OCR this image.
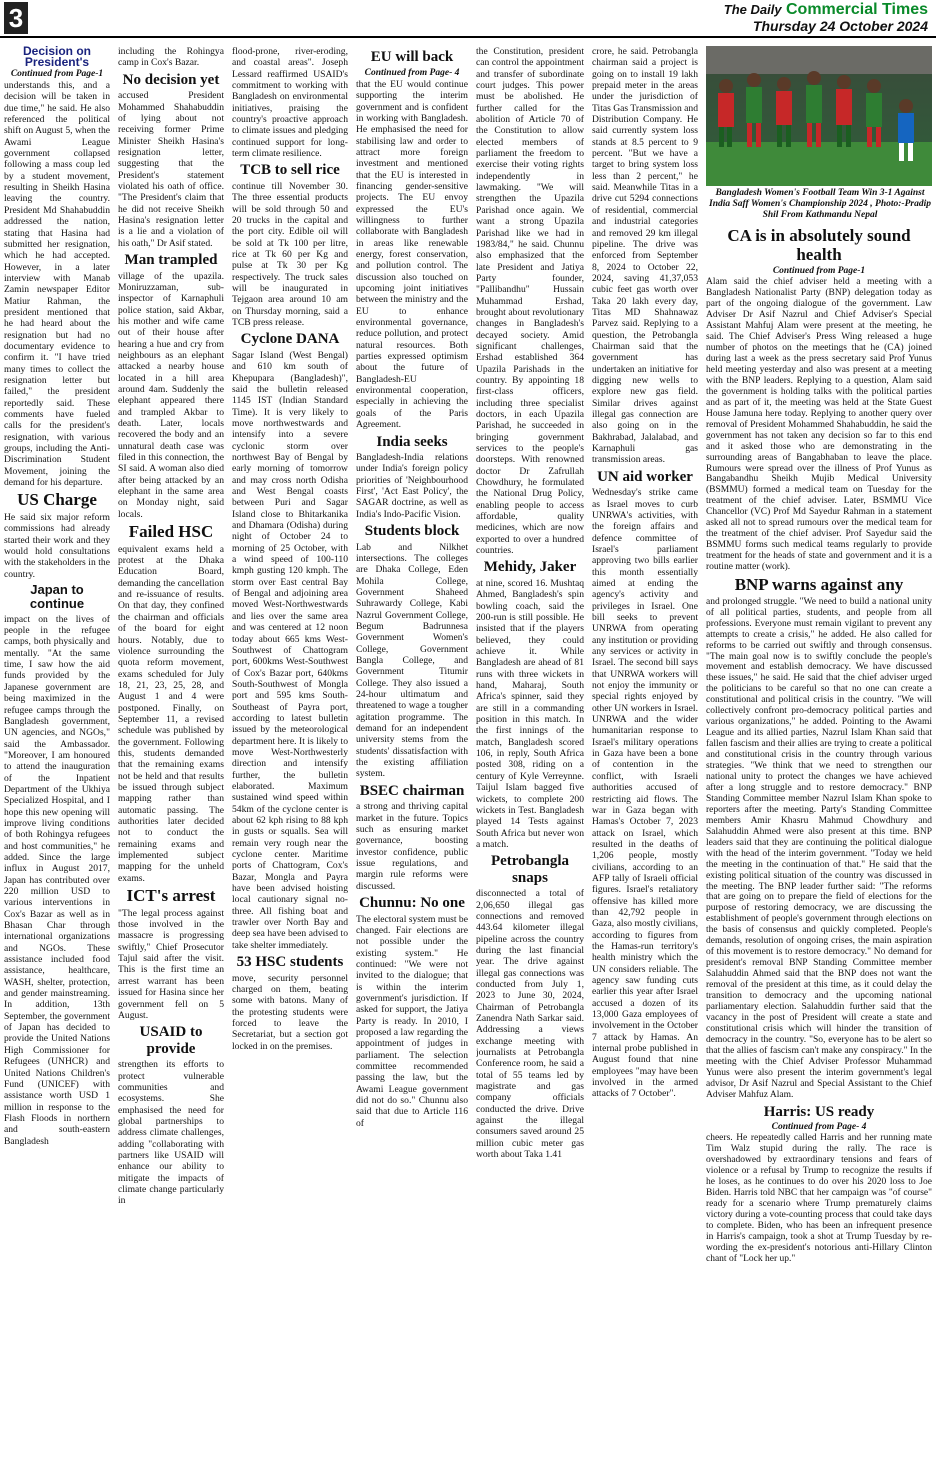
3	The Daily Commercial Times
Thursday 24 October 2024
Decision on President's
Continued from Page-1

understands this, and a decision will be taken in due time," he said. He also referenced the political shift on August 5, when the Awami League government collapsed following a mass coup led by a student movement, resulting in Sheikh Hasina leaving the country. President Md Shahabuddin addressed the nation, stating that Hasina had submitted her resignation, which he had accepted. However, in a later interview with Manab Zamin newspaper Editor Matiur Rahman, the president mentioned that he had heard about the resignation but had no documentary evidence to confirm it. "I have tried many times to collect the resignation letter but failed," the president reportedly said. These comments have fueled calls for the president's resignation, with various groups, including the Anti-Discrimination Student Movement, joining the demand for his departure.

US Charge

He said six major reform commissions had already started their work and they would hold consultations with the stakeholders in the country.

Japan to continue

impact on the lives of people in the refugee camps, both physically and mentally. "At the same time, I saw how the aid funds provided by the Japanese government are being maximized in the refugee camps through the Bangladesh government, UN agencies, and NGOs," said the Ambassador. "Moreover, I am honoured to attend the inauguration of the Inpatient Department of the Ukhiya Specialized Hospital, and I hope this new opening will improve living conditions of both Rohingya refugees and host communities," he added. Since the large influx in August 2017, Japan has contributed over 220 million USD to various interventions in Cox's Bazar as well as in Bhasan Char through international organizations and NGOs. These assistance included food assistance, healthcare, WASH, shelter, protection, and gender mainstreaming. In addition, 13th September, the government of Japan has decided to provide the United Nations High Commissioner for Refugees (UNHCR) and United Nations Children's Fund (UNICEF) with assistance worth USD 1 million in response to the Flash Floods in northern and south-eastern Bangladesh

including the Rohingya camp in Cox's Bazar.

No decision yet

accused President Mohammed Shahabuddin of lying about not receiving former Prime Minister Sheikh Hasina's resignation letter, suggesting that the President's statement violated his oath of office. "The President's claim that he did not receive Sheikh Hasina's resignation letter is a lie and a violation of his oath," Dr Asif stated.

Man trampled

village of the upazila. Moniruzzaman, sub-inspector of Karnaphuli police station, said Akbar, his mother and wife came out of their house after hearing a hue and cry from neighbours as an elephant attacked a nearby house located in a hill area around 4am. Suddenly the elephant appeared there and trampled Akbar to death. Later, locals recovered the body and an unnatural death case was filed in this connection, the SI said. A woman also died after being attacked by an elephant in the same area on Monday night, said locals.

Failed HSC

equivalent exams held a protest at the Dhaka Education Board, demanding the cancellation and re-issuance of results. On that day, they confined the chairman and officials of the board for eight hours. Notably, due to violence surrounding the quota reform movement, exams scheduled for July 18, 21, 23, 25, 28, and August 1 and 4 were postponed. Finally, on September 11, a revised schedule was published by the government. Following this, students demanded that the remaining exams not be held and that results be issued through subject mapping rather than automatic passing. The authorities later decided not to conduct the remaining exams and implemented subject mapping for the unheld exams.

ICT's arrest

"The legal process against those involved in the massacre is progressing swiftly," Chief Prosecutor Tajul said after the visit. This is the first time an arrest warrant has been issued for Hasina since her government fell on 5 August.

USAID to provide

strengthen its efforts to protect vulnerable communities and ecosystems. She emphasised the need for global partnerships to address climate challenges, adding "collaborating with partners like USAID will enhance our ability to mitigate the impacts of climate change particularly in

flood-prone, river-eroding, and coastal areas". Joseph Lessard reaffirmed USAID's commitment to working with Bangladesh on environmental initiatives, praising the country's proactive approach to climate issues and pledging continued support for long-term climate resilience.

TCB to sell rice

continue till November 30. The three essential products will be sold through 50 and 20 trucks in the capital and the port city. Edible oil will be sold at Tk 100 per litre, rice at Tk 60 per Kg and pulse at Tk 30 per Kg respectively. The truck sales will be inaugurated in Tejgaon area around 10 am on Thursday morning, said a TCB press release.

Cyclone DANA

Sagar Island (West Bengal) and 610 km south of Khepupara (Bangladesh)", said the bulletin released 1145 IST (Indian Standard Time). It is very likely to move northwestwards and intensify into a severe cyclonic storm over northwest Bay of Bengal by early morning of tomorrow and may cross north Odisha and West Bengal coasts between Puri and Sagar Island close to Bhitarkanika and Dhamara (Odisha) during night of October 24 to morning of 25 October, with a wind speed of 100-110 kmph gusting 120 kmph. The storm over East central Bay of Bengal and adjoining area moved West-Northwestwards and lies over the same area and was centered at 12 noon today about 665 kms West-Southwest of Chattogram port, 600kms West-Southwest of Cox's Bazar port, 640kms South-Southwest of Mongla port and 595 kms South-Southeast of Payra port, according to latest bulletin issued by the meteorological department here. It is likely to move West-Northwesterly direction and intensify further, the bulletin elaborated. Maximum sustained wind speed within 54km of the cyclone center is about 62 kph rising to 88 kph in gusts or squalls. Sea will remain very rough near the cyclone center. Maritime ports of Chattogram, Cox's Bazar, Mongla and Payra have been advised hoisting local cautionary signal no-three. All fishing boat and trawler over North Bay and deep sea have been advised to take shelter immediately.

53 HSC students

move, security personnel charged on them, beating some with batons. Many of the protesting students were forced to leave the Secretariat, but a section got locked in on the premises.

EU will back
Continued from Page- 4

that the EU would continue supporting the interim government and is confident in working with Bangladesh. He emphasised the need for stabilising law and order to attract more foreign investment and mentioned that the EU is interested in financing gender-sensitive projects. The EU envoy expressed the EU's willingness to further collaborate with Bangladesh in areas like renewable energy, forest conservation, and pollution control. The discussion also touched on upcoming joint initiatives between the ministry and the EU to enhance environmental governance, reduce pollution, and protect natural resources. Both parties expressed optimism about the future of Bangladesh-EU environmental cooperation, especially in achieving the goals of the Paris Agreement.

India seeks

Bangladesh-India relations under India's foreign policy priorities of 'Neighbourhood First', 'Act East Policy', the SAGAR doctrine, as well as India's Indo-Pacific Vision.

Students block

Lab and Nilkhet intersections. The colleges are Dhaka College, Eden Mohila College, Government Shaheed Suhrawardy College, Kabi Nazrul Government College, Begum Badrunnesa Government Women's College, Government Bangla College, and Government Titumir College. They also issued a 24-hour ultimatum and threatened to wage a tougher agitation programme. The demand for an independent university stems from the students' dissatisfaction with the existing affiliation system.

BSEC chairman

a strong and thriving capital market in the future. Topics such as ensuring market governance, boosting investor confidence, public issue regulations, and margin rule reforms were discussed.

Chunnu: No one

The electoral system must be changed. Fair elections are not possible under the existing system." He continued: "We were not invited to the dialogue; that is within the interim government's jurisdiction. If asked for support, the Jatiya Party is ready. In 2010, I proposed a law regarding the appointment of judges in parliament. The selection committee recommended passing the law, but the Awami League government did not do so." Chunnu also said that due to Article 116 of

the Constitution, president can control the appointment and transfer of subordinate court judges. This power must be abolished. He further called for the abolition of Article 70 of the Constitution to allow elected members of parliament the freedom to exercise their voting rights independently in lawmaking. "We will strengthen the Upazila Parishad once again. We want a strong Upazila Parishad like we had in 1983/84," he said. Chunnu also emphasized that the late President and Jatiya Party founder, "Pallibandhu" Hussain Muhammad Ershad, brought about revolutionary changes in Bangladesh's decayed society. Amid significant challenges, Ershad established 364 Upazila Parishads in the country. By appointing 18 first-class officers, including three specialist doctors, in each Upazila Parishad, he succeeded in bringing government services to the people's doorsteps. With renowned doctor Dr Zafrullah Chowdhury, he formulated the National Drug Policy, enabling people to access affordable, quality medicines, which are now exported to over a hundred countries.

Mehidy, Jaker

at nine, scored 16. Mushtaq Ahmed, Bangladesh's spin bowling coach, said the 200-run is still possible. He insisted that if the players believed, they could achieve it. While Bangladesh are ahead of 81 runs with three wickets in hand, Maharaj, South Africa's spinner, said they are still in a commanding position in this match. In the first innings of the match, Bangladesh scored 106, in reply, South Africa posted 308, riding on a century of Kyle Verreynne. Taijul Islam bagged five wickets, to complete 200 wickets in Test. Bangladesh played 14 Tests against South Africa but never won a match.

Petrobangla snaps

disconnected a total of 2,06,650 illegal gas connections and removed 443.64 kilometer illegal pipeline across the country during the last financial year. The drive against illegal gas connections was conducted from July 1, 2023 to June 30, 2024, Chairman of Petrobangla Zanendra Nath Sarkar said. Addressing a views exchange meeting with journalists at Petrobangla Conference room, he said a total of 55 teams led by magistrate and gas company officials conducted the drive. Drive against the illegal consumers saved around 25 million cubic meter gas worth about Taka 1.41

crore, he said. Petrobangla chairman said a project is going on to install 19 lakh prepaid meter in the areas under the jurisdiction of Titas Gas Transmission and Distribution Company. He said currently system loss stands at 8.5 percent to 9 percent. "But we have a target to bring system loss less than 2 percent," he said. Meanwhile Titas in a drive cut 5294 connections of residential, commercial and industrial categories and removed 29 km illegal pipeline. The drive was enforced from September 8, 2024 to October 22, 2024, saving 41,37,053 cubic feet gas worth over Taka 20 lakh every day, Titas MD Shahnawaz Parvez said. Replying to a question, the Petrobangla Chairman said that the government has undertaken an initiative for digging new wells to explore new gas field. Similar drives against illegal gas connection are also going on in the Bakhrabad, Jalalabad, and Karnaphuli gas transmission areas.

UN aid worker

Wednesday's strike came as Israel moves to curb UNRWA's activities, with the foreign affairs and defence committee of Israel's parliament approving two bills earlier this month essentially aimed at ending the agency's activity and privileges in Israel. One bill seeks to prevent UNRWA from operating any institution or providing any services or activity in Israel. The second bill says that UNRWA workers will not enjoy the immunity or special rights enjoyed by other UN workers in Israel. UNRWA and the wider humanitarian response to Israel's military operations in Gaza have been a bone of contention in the conflict, with Israeli authorities accused of restricting aid flows. The war in Gaza began with Hamas's October 7, 2023 attack on Israel, which resulted in the deaths of 1,206 people, mostly civilians, according to an AFP tally of Israeli official figures. Israel's retaliatory offensive has killed more than 42,792 people in Gaza, also mostly civilians, according to figures from the Hamas-run territory's health ministry which the UN considers reliable. The agency saw funding cuts earlier this year after Israel accused a dozen of its 13,000 Gaza employees of involvement in the October 7 attack by Hamas. An internal probe published in August found that nine employees "may have been involved in the armed attacks of 7 October".

Bangladesh Women's Football Team Win 3-1 Against India Saff Women's Championship 2024 , Photo:-Pradip Shil From Kathmandu Nepal
CA is in absolutely sound health
Continued from Page-1

Alam said the chief adviser held a meeting with a Bangladesh Nationalist Party (BNP) delegation today as part of the ongoing dialogue of the government. Law Adviser Dr Asif Nazrul and Chief Adviser's Special Assistant Mahfuj Alam were present at the meeting, he said. The Chief Adviser's Press Wing released a huge number of photos on the meetings that he (CA) joined during last a week as the press secretary said Prof Yunus held meeting yesterday and also was present at a meeting with the BNP leaders. Replying to a question, Alam said the government is holding talks with the political parties and as part of it, the meeting was held at the State Guest House Jamuna here today. Replying to another query over removal of President Mohammed Shahabuddin, he said the government has not taken any decision so far to this end and it asked those who are demonstrating in the surrounding areas of Bangabhaban to leave the place. Rumours were spread over the illness of Prof Yunus as Bangabandhu Sheikh Mujib Medical University (BSMMU) formed a medical team on Tuesday for the treatment of the chief adviser. Later, BSMMU Vice Chancellor (VC) Prof Md Sayedur Rahman in a statement asked all not to spread rumours over the medical team for the treatment of the chief adviser. Prof Sayedur said the BSMMU forms such medical teams regularly to provide treatment for the heads of state and government and it is a routine matter (work).

BNP warns against any

and prolonged struggle. "We need to build a national unity of all political parties, students, and people from all professions. Everyone must remain vigilant to prevent any attempts to create a crisis," he added. He also called for reforms to be carried out swiftly and through consensus. "The main goal now is to swiftly conclude the people's movement and establish democracy. We have discussed these issues," he said. He said that the chief adviser urged the politicians to be careful so that no one can create a constitutional and political crisis in the country. "We will collectively confront pro-democracy political parties and various organizations," he added. Pointing to the Awami League and its allied parties, Nazrul Islam Khan said that fallen fascism and their allies are trying to create a political and constitutional crisis in the country through various strategies. "We think that we need to strengthen our national unity to protect the changes we have achieved after a long struggle and to restore democracy." BNP Standing Committee member Nazrul Islam Khan spoke to reporters after the meeting. Party's Standing Committee members Amir Khasru Mahmud Chowdhury and Salahuddin Ahmed were also present at this time. BNP leaders said that they are continuing the political dialogue with the head of the interim government. "Today we held the meeting in the continuation of that." He said that the existing political situation of the country was discussed in the meeting. The BNP leader further said: "The reforms that are going on to prepare the field of elections for the purpose of restoring democracy, we are discussing the establishment of people's government through elections on the basis of consensus and quickly completed. People's demands, resolution of ongoing crises, the main aspiration of this movement is to restore democracy." No demand for president's removal BNP Standing Committee member Salahuddin Ahmed said that the BNP does not want the removal of the president at this time, as it could delay the transition to democracy and the upcoming national parliamentary election. Salahuddin further said that the vacancy in the post of President will create a state and constitutional crisis which will hinder the transition of democracy in the country. "So, everyone has to be alert so that the allies of fascism can't make any conspiracy." In the meeting with the Chief Adviser Professor Muhammad Yunus were also present the interim government's legal advisor, Dr Asif Nazrul and Special Assistant to the Chief Adviser Mahfuz Alam.

Harris: US ready
Continued from Page- 4

cheers. He repeatedly called Harris and her running mate Tim Walz stupid during the rally. The race is overshadowed by extraordinary tensions and fears of violence or a refusal by Trump to recognize the results if he loses, as he continues to do over his 2020 loss to Joe Biden. Harris told NBC that her campaign was "of course" ready for a scenario where Trump prematurely claims victory during a vote-counting process that could take days to complete. Biden, who has been an infrequent presence in Harris's campaign, took a shot at Trump Tuesday by re-wording the ex-president's notorious anti-Hillary Clinton chant of "Lock her up."
